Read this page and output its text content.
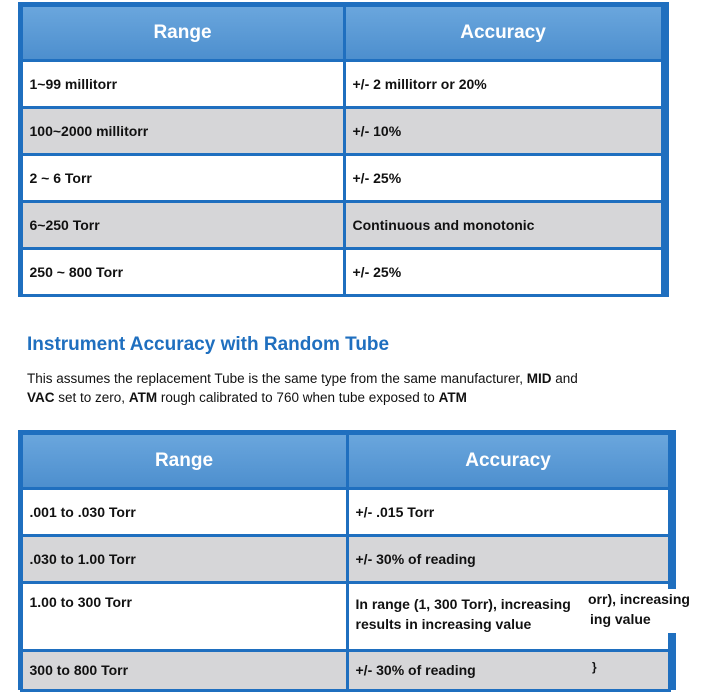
Range	Accuracy
1~99 millitorr	+/- 2 millitorr or 20%
100~2000 millitorr	+/- 10%
2 ~ 6 Torr	+/- 25%
6~250 Torr	Continuous and monotonic
250 ~ 800 Torr	+/- 25%
Instrument Accuracy with Random Tube

This assumes the replacement Tube is the same type from the same manufacturer, MID and
VAC set to zero, ATM rough calibrated to 760 when tube exposed to ATM

Range	Accuracy
.001 to .030 Torr	+/- .015 Torr
.030 to 1.00 Torr	+/- 30% of reading
1.00 to 300 Torr	In range (1, 300 Torr), increasing
results in increasing value
300 to 800 Torr	+/- 30% of reading
orr), increasing
ing value
}
